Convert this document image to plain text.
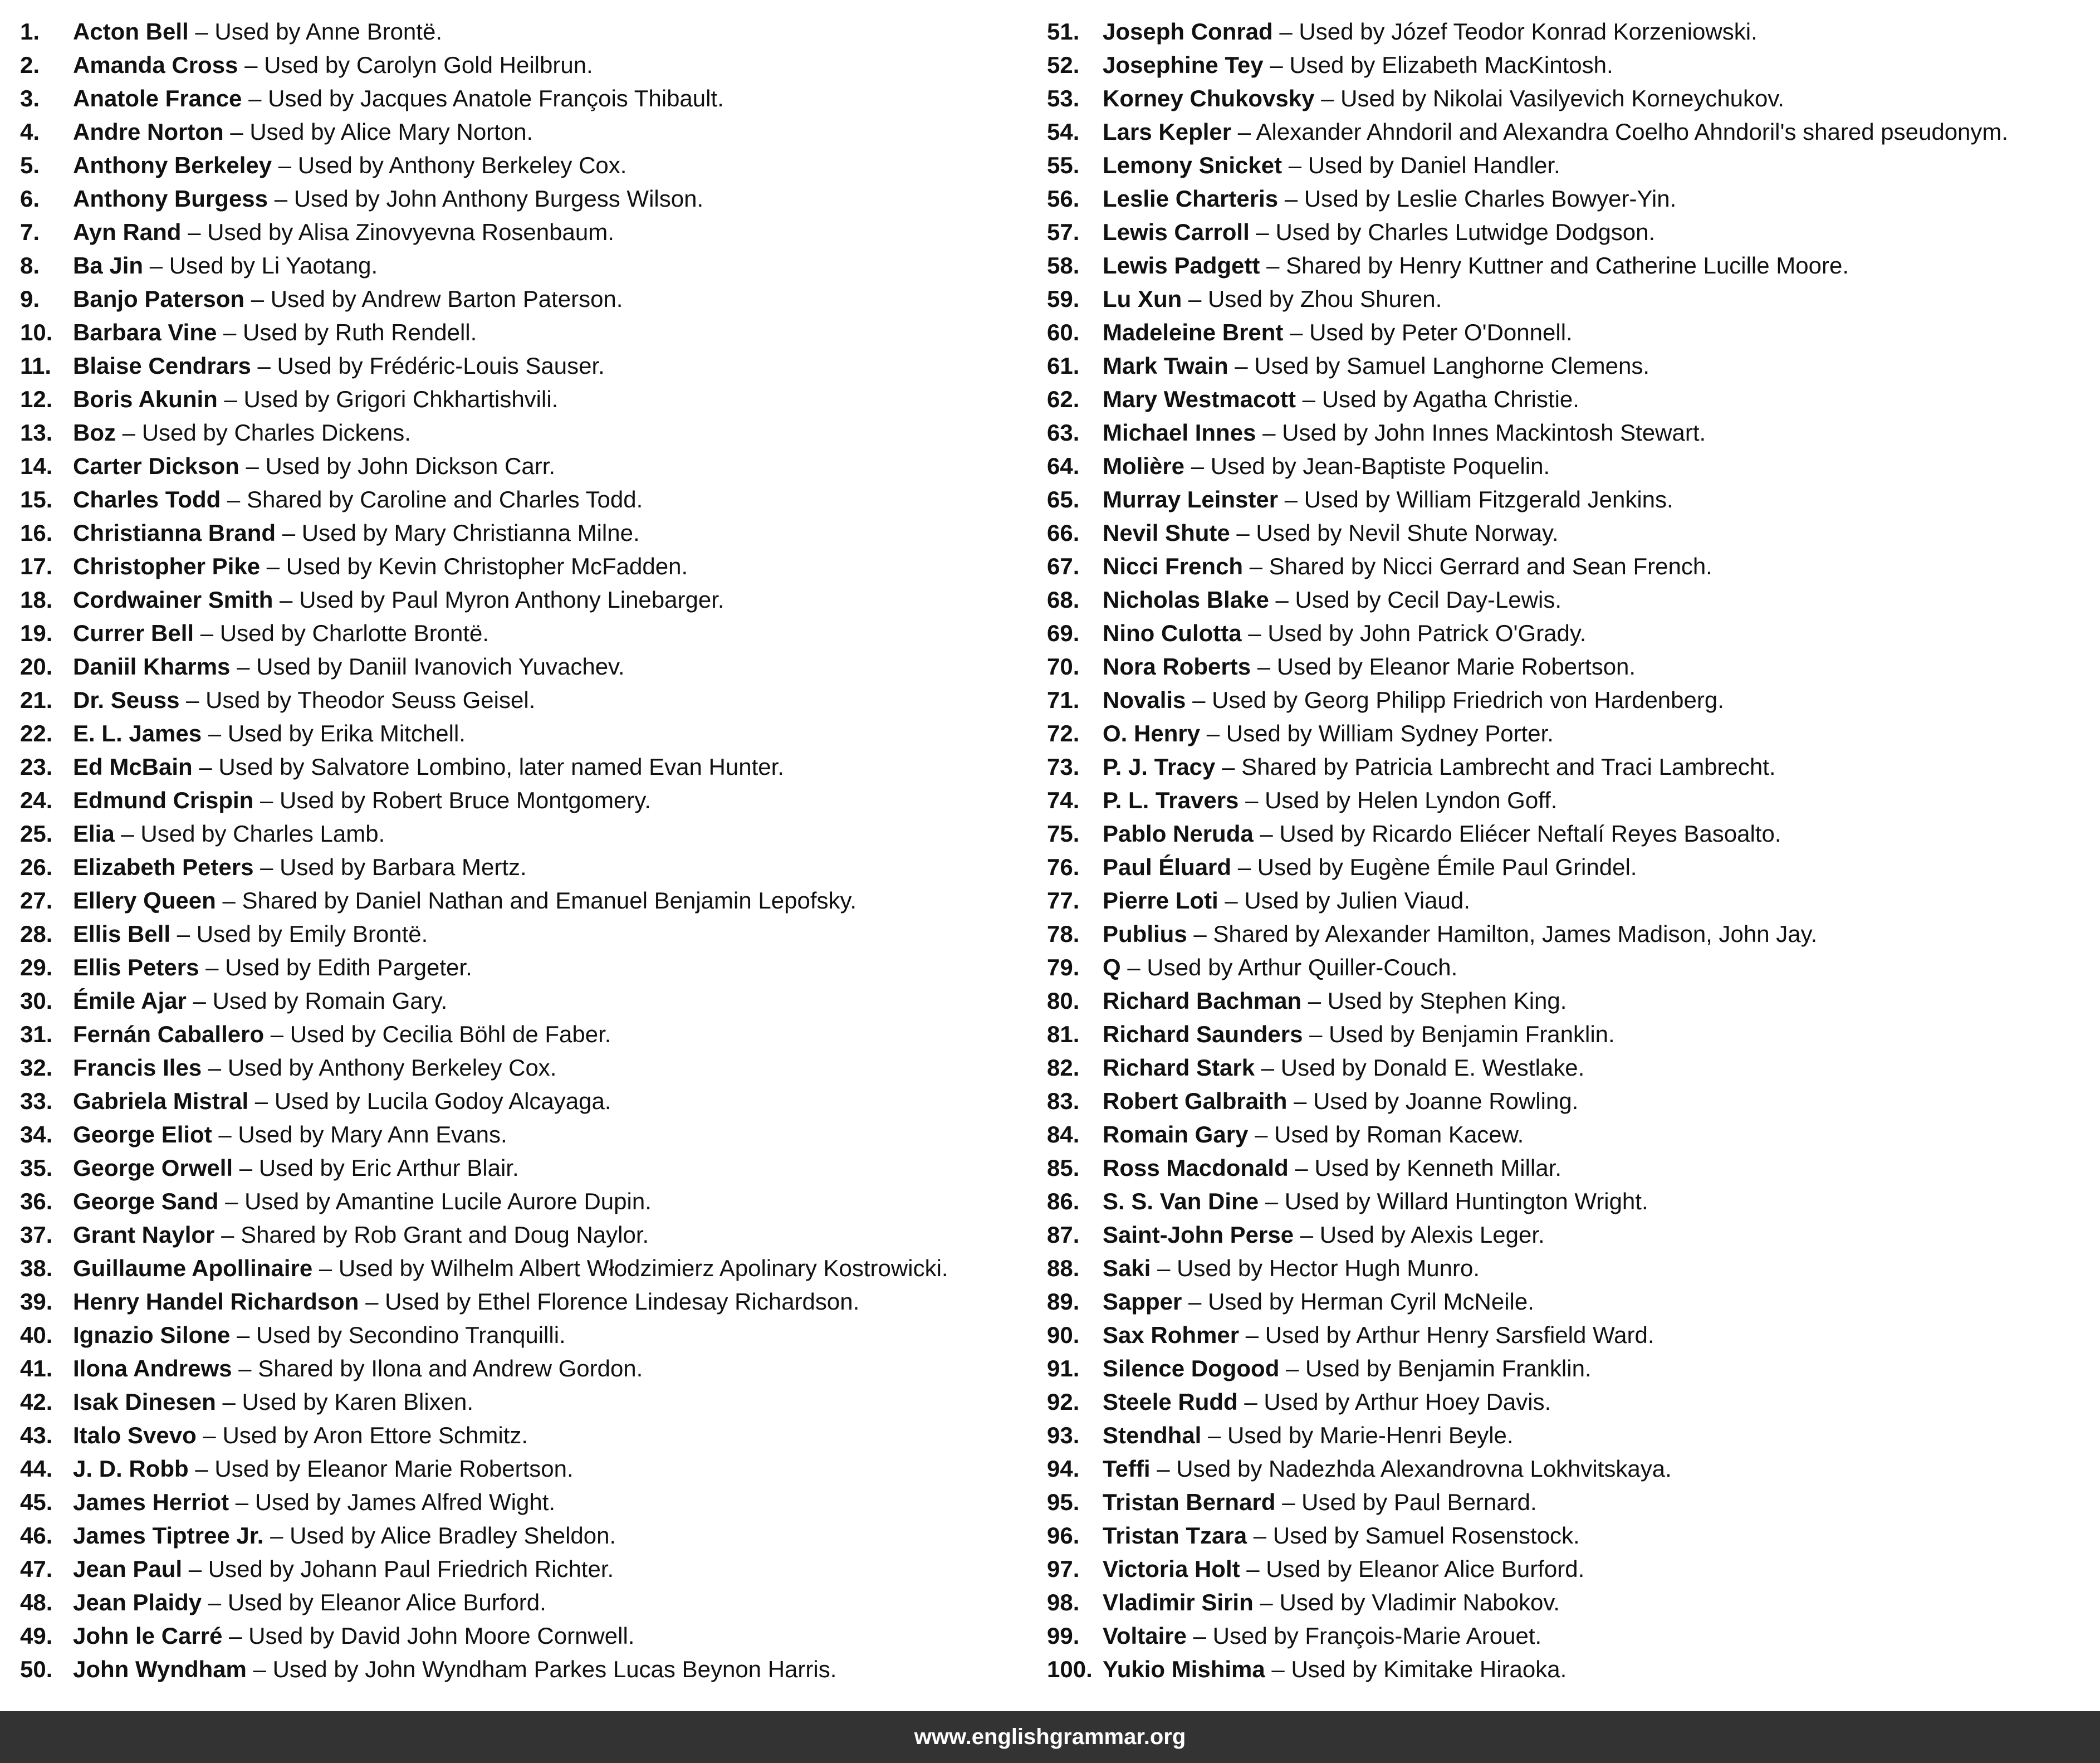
1.	Acton Bell – Used by Anne Brontë.
2.	Amanda Cross – Used by Carolyn Gold Heilbrun.
3.	Anatole France – Used by Jacques Anatole François Thibault.
4.	Andre Norton – Used by Alice Mary Norton.
5.	Anthony Berkeley – Used by Anthony Berkeley Cox.
6.	Anthony Burgess – Used by John Anthony Burgess Wilson.
7.	Ayn Rand – Used by Alisa Zinovyevna Rosenbaum.
8.	Ba Jin – Used by Li Yaotang.
9.	Banjo Paterson – Used by Andrew Barton Paterson.
10. Barbara Vine – Used by Ruth Rendell.
11. Blaise Cendrars – Used by Frédéric-Louis Sauser.
12. Boris Akunin – Used by Grigori Chkhartishvili.
13. Boz – Used by Charles Dickens.
14. Carter Dickson – Used by John Dickson Carr.
15. Charles Todd – Shared by Caroline and Charles Todd.
16. Christianna Brand – Used by Mary Christianna Milne.
17. Christopher Pike – Used by Kevin Christopher McFadden.
18. Cordwainer Smith – Used by Paul Myron Anthony Linebarger.
19. Currer Bell – Used by Charlotte Brontë.
20. Daniil Kharms – Used by Daniil Ivanovich Yuvachev.
21. Dr. Seuss – Used by Theodor Seuss Geisel.
22. E. L. James – Used by Erika Mitchell.
23. Ed McBain – Used by Salvatore Lombino, later named Evan Hunter.
24. Edmund Crispin – Used by Robert Bruce Montgomery.
25. Elia – Used by Charles Lamb.
26. Elizabeth Peters – Used by Barbara Mertz.
27. Ellery Queen – Shared by Daniel Nathan and Emanuel Benjamin Lepofsky.
28. Ellis Bell – Used by Emily Brontë.
29. Ellis Peters – Used by Edith Pargeter.
30. Émile Ajar – Used by Romain Gary.
31. Fernán Caballero – Used by Cecilia Böhl de Faber.
32. Francis Iles – Used by Anthony Berkeley Cox.
33. Gabriela Mistral – Used by Lucila Godoy Alcayaga.
34. George Eliot – Used by Mary Ann Evans.
35. George Orwell – Used by Eric Arthur Blair.
36. George Sand – Used by Amantine Lucile Aurore Dupin.
37. Grant Naylor – Shared by Rob Grant and Doug Naylor.
38. Guillaume Apollinaire – Used by Wilhelm Albert Włodzimierz Apolinary Kostrowicki.
39. Henry Handel Richardson – Used by Ethel Florence Lindesay Richardson.
40. Ignazio Silone – Used by Secondino Tranquilli.
41. Ilona Andrews – Shared by Ilona and Andrew Gordon.
42. Isak Dinesen – Used by Karen Blixen.
43. Italo Svevo – Used by Aron Ettore Schmitz.
44. J. D. Robb – Used by Eleanor Marie Robertson.
45. James Herriot – Used by James Alfred Wight.
46. James Tiptree Jr. – Used by Alice Bradley Sheldon.
47. Jean Paul – Used by Johann Paul Friedrich Richter.
48. Jean Plaidy – Used by Eleanor Alice Burford.
49. John le Carré – Used by David John Moore Cornwell.
50. John Wyndham – Used by John Wyndham Parkes Lucas Beynon Harris.
51. Joseph Conrad – Used by Józef Teodor Konrad Korzeniowski.
52. Josephine Tey – Used by Elizabeth MacKintosh.
53. Korney Chukovsky – Used by Nikolai Vasilyevich Korneychukov.
54. Lars Kepler – Alexander Ahndoril and Alexandra Coelho Ahndoril's shared pseudonym.
55. Lemony Snicket – Used by Daniel Handler.
56. Leslie Charteris – Used by Leslie Charles Bowyer-Yin.
57. Lewis Carroll – Used by Charles Lutwidge Dodgson.
58. Lewis Padgett – Shared by Henry Kuttner and Catherine Lucille Moore.
59. Lu Xun – Used by Zhou Shuren.
60. Madeleine Brent – Used by Peter O'Donnell.
61. Mark Twain – Used by Samuel Langhorne Clemens.
62. Mary Westmacott – Used by Agatha Christie.
63. Michael Innes – Used by John Innes Mackintosh Stewart.
64. Molière – Used by Jean-Baptiste Poquelin.
65. Murray Leinster – Used by William Fitzgerald Jenkins.
66. Nevil Shute – Used by Nevil Shute Norway.
67. Nicci French – Shared by Nicci Gerrard and Sean French.
68. Nicholas Blake – Used by Cecil Day-Lewis.
69. Nino Culotta – Used by John Patrick O'Grady.
70. Nora Roberts – Used by Eleanor Marie Robertson.
71. Novalis – Used by Georg Philipp Friedrich von Hardenberg.
72. O. Henry – Used by William Sydney Porter.
73. P. J. Tracy – Shared by Patricia Lambrecht and Traci Lambrecht.
74. P. L. Travers – Used by Helen Lyndon Goff.
75. Pablo Neruda – Used by Ricardo Eliécer Neftalí Reyes Basoalto.
76. Paul Éluard – Used by Eugène Émile Paul Grindel.
77. Pierre Loti – Used by Julien Viaud.
78. Publius – Shared by Alexander Hamilton, James Madison, John Jay.
79. Q – Used by Arthur Quiller-Couch.
80. Richard Bachman – Used by Stephen King.
81. Richard Saunders – Used by Benjamin Franklin.
82. Richard Stark – Used by Donald E. Westlake.
83. Robert Galbraith – Used by Joanne Rowling.
84. Romain Gary – Used by Roman Kacew.
85. Ross Macdonald – Used by Kenneth Millar.
86. S. S. Van Dine – Used by Willard Huntington Wright.
87. Saint-John Perse – Used by Alexis Leger.
88. Saki – Used by Hector Hugh Munro.
89. Sapper – Used by Herman Cyril McNeile.
90. Sax Rohmer – Used by Arthur Henry Sarsfield Ward.
91. Silence Dogood – Used by Benjamin Franklin.
92. Steele Rudd – Used by Arthur Hoey Davis.
93. Stendhal – Used by Marie-Henri Beyle.
94. Teffi – Used by Nadezhda Alexandrovna Lokhvitskaya.
95. Tristan Bernard – Used by Paul Bernard.
96. Tristan Tzara – Used by Samuel Rosenstock.
97. Victoria Holt – Used by Eleanor Alice Burford.
98. Vladimir Sirin – Used by Vladimir Nabokov.
99. Voltaire – Used by François-Marie Arouet.
100. Yukio Mishima – Used by Kimitake Hiraoka.
www.englishgrammar.org
